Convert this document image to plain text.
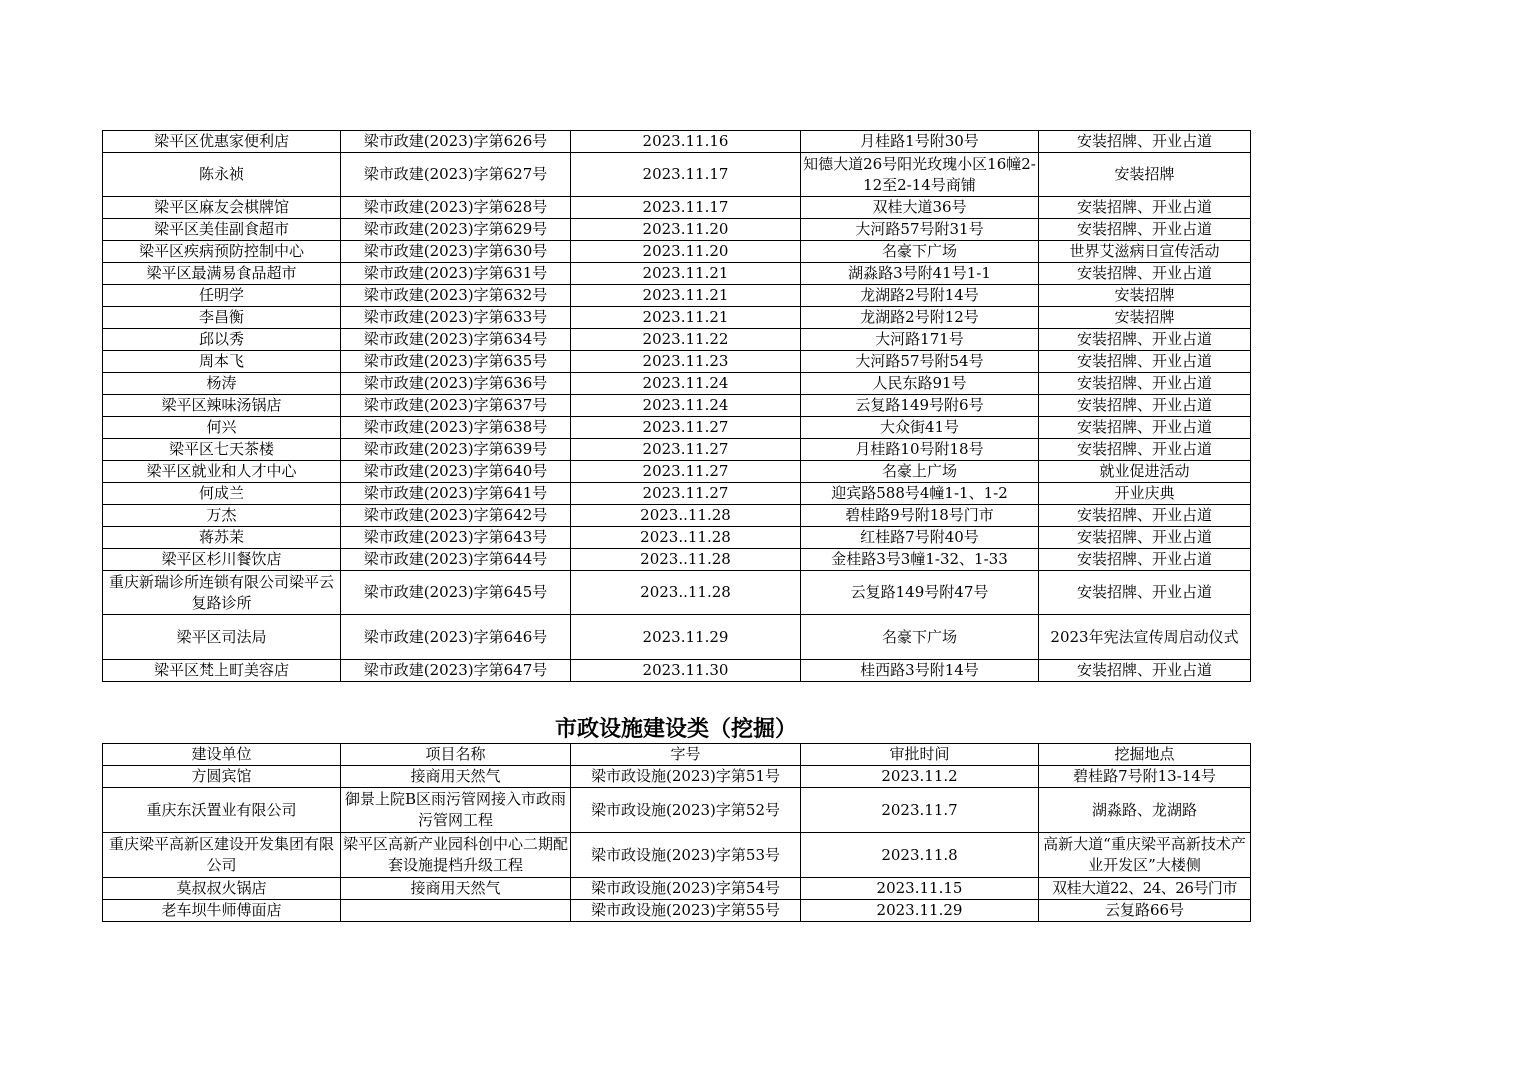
梁平区优惠家便利店	梁市政建(2023)字第626号	2023.11.16	月桂路1号附30号	安装招牌、开业占道
陈永祯	梁市政建(2023)字第627号	2023.11.17	知德大道26号阳光玫瑰小区16幢2-12至2-14号商铺	安装招牌
梁平区麻友会棋牌馆	梁市政建(2023)字第628号	2023.11.17	双桂大道36号	安装招牌、开业占道
梁平区美佳副食超市	梁市政建(2023)字第629号	2023.11.20	大河路57号附31号	安装招牌、开业占道
梁平区疾病预防控制中心	梁市政建(2023)字第630号	2023.11.20	名豪下广场	世界艾滋病日宣传活动
梁平区最满易食品超市	梁市政建(2023)字第631号	2023.11.21	湖淼路3号附41号1-1	安装招牌、开业占道
任明学	梁市政建(2023)字第632号	2023.11.21	龙湖路2号附14号	安装招牌
李昌衡	梁市政建(2023)字第633号	2023.11.21	龙湖路2号附12号	安装招牌
邱以秀	梁市政建(2023)字第634号	2023.11.22	大河路171号	安装招牌、开业占道
周本飞	梁市政建(2023)字第635号	2023.11.23	大河路57号附54号	安装招牌、开业占道
杨涛	梁市政建(2023)字第636号	2023.11.24	人民东路91号	安装招牌、开业占道
梁平区辣味汤锅店	梁市政建(2023)字第637号	2023.11.24	云复路149号附6号	安装招牌、开业占道
何兴	梁市政建(2023)字第638号	2023.11.27	大众街41号	安装招牌、开业占道
梁平区七天茶楼	梁市政建(2023)字第639号	2023.11.27	月桂路10号附18号	安装招牌、开业占道
梁平区就业和人才中心	梁市政建(2023)字第640号	2023.11.27	名豪上广场	就业促进活动
何成兰	梁市政建(2023)字第641号	2023.11.27	迎宾路588号4幢1-1、1-2	开业庆典
万杰	梁市政建(2023)字第642号	2023..11.28	碧桂路9号附18号门市	安装招牌、开业占道
蒋苏茉	梁市政建(2023)字第643号	2023..11.28	红桂路7号附40号	安装招牌、开业占道
梁平区杉川餐饮店	梁市政建(2023)字第644号	2023..11.28	金桂路3号3幢1-32、1-33	安装招牌、开业占道
重庆新瑞诊所连锁有限公司梁平云复路诊所	梁市政建(2023)字第645号	2023..11.28	云复路149号附47号	安装招牌、开业占道
梁平区司法局	梁市政建(2023)字第646号	2023.11.29	名豪下广场	2023年宪法宣传周启动仪式
梁平区梵上町美容店	梁市政建(2023)字第647号	2023.11.30	桂西路3号附14号	安装招牌、开业占道
市政设施建设类（挖掘）
建设单位	项目名称	字号	审批时间	挖掘地点
方圆宾馆	接商用天然气	梁市政设施(2023)字第51号	2023.11.2	碧桂路7号附13-14号
重庆东沃置业有限公司	御景上院B区雨污管网接入市政雨污管网工程	梁市政设施(2023)字第52号	2023.11.7	湖淼路、龙湖路
重庆梁平高新区建设开发集团有限公司	梁平区高新产业园科创中心二期配套设施提档升级工程	梁市政设施(2023)字第53号	2023.11.8	高新大道“重庆梁平高新技术产业开发区”大楼侧
莫叔叔火锅店	接商用天然气	梁市政设施(2023)字第54号	2023.11.15	双桂大道22、24、26号门市
老车坝牛师傅面店		梁市政设施(2023)字第55号	2023.11.29	云复路66号
